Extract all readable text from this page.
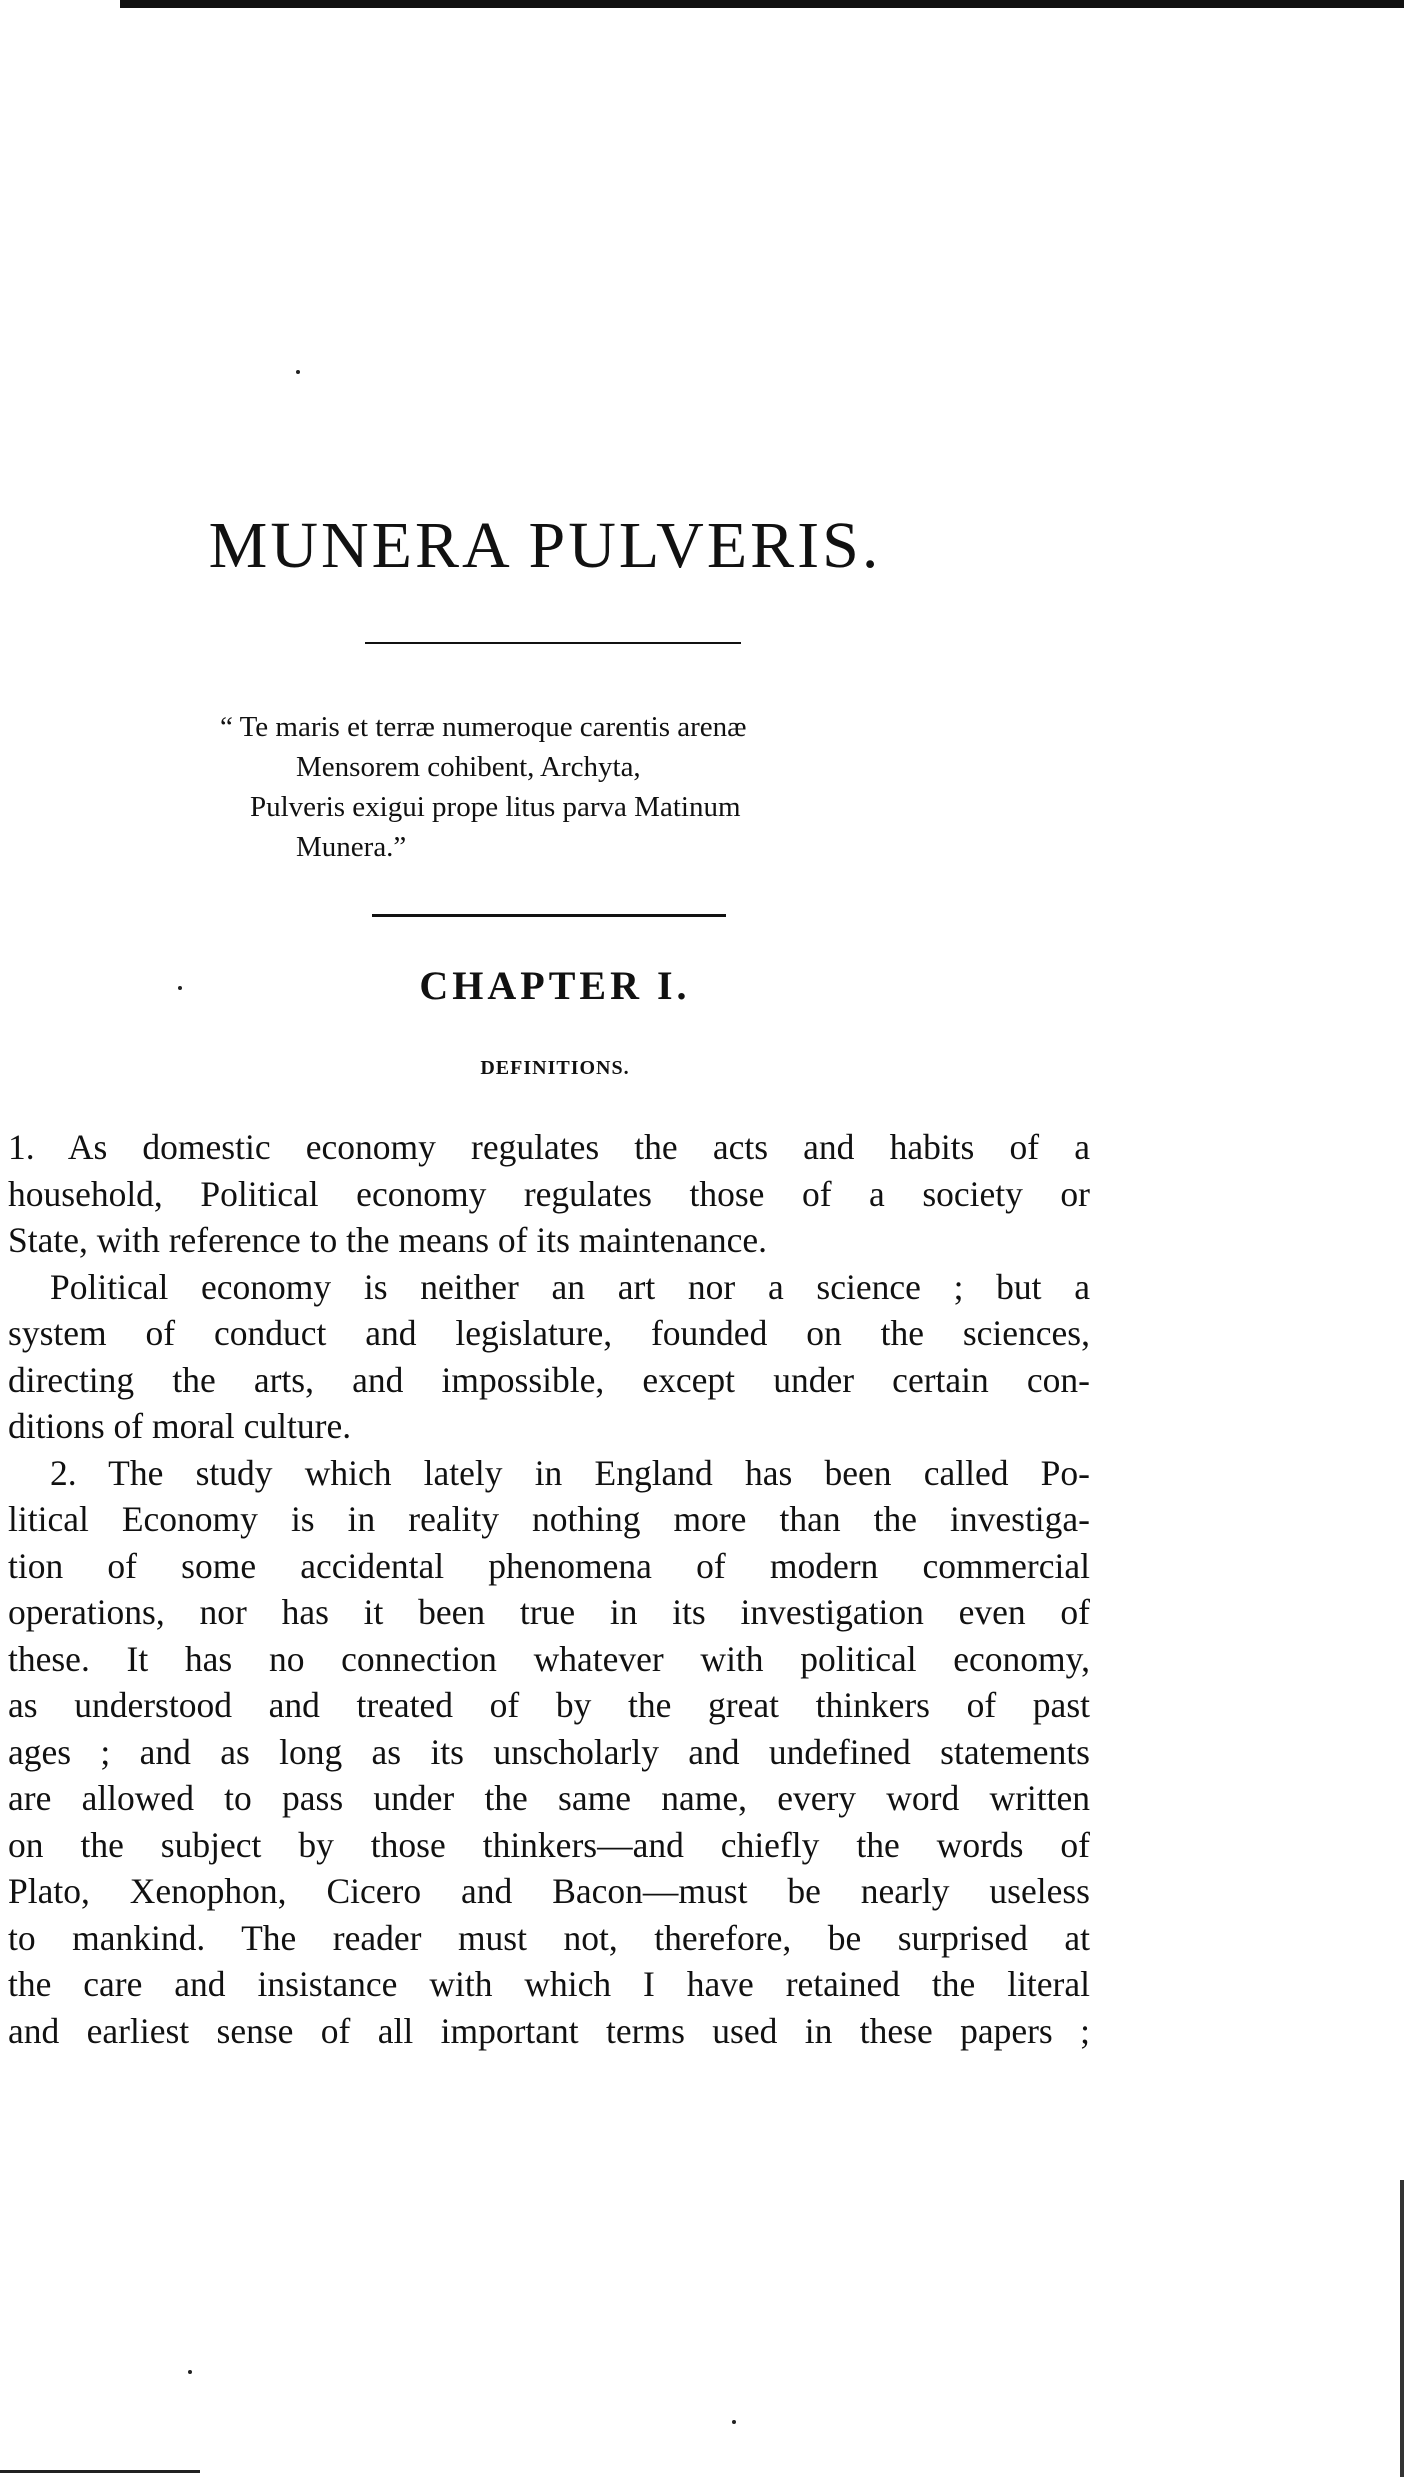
MUNERA PULVERIS.
“ Te maris et terræ numeroque carentis arenæ
Mensorem cohibent, Archyta,
Pulveris exigui prope litus parva Matinum
Munera.”
CHAPTER I.
DEFINITIONS.
1. As domestic economy regulates the acts and habits of a
household, Political economy regulates those of a society or
State, with reference to the means of its maintenance.
Political economy is neither an art nor a science ; but a
system of conduct and legislature, founded on the sciences,
directing the arts, and impossible, except under certain con-
ditions of moral culture.
2. The study which lately in England has been called Po-
litical Economy is in reality nothing more than the investiga-
tion of some accidental phenomena of modern commercial
operations, nor has it been true in its investigation even of
these. It has no connection whatever with political economy,
as understood and treated of by the great thinkers of past
ages ; and as long as its unscholarly and undefined statements
are allowed to pass under the same name, every word written
on the subject by those thinkers—and chiefly the words of
Plato, Xenophon, Cicero and Bacon—must be nearly useless
to mankind. The reader must not, therefore, be surprised at
the care and insistance with which I have retained the literal
and earliest sense of all important terms used in these papers ;
